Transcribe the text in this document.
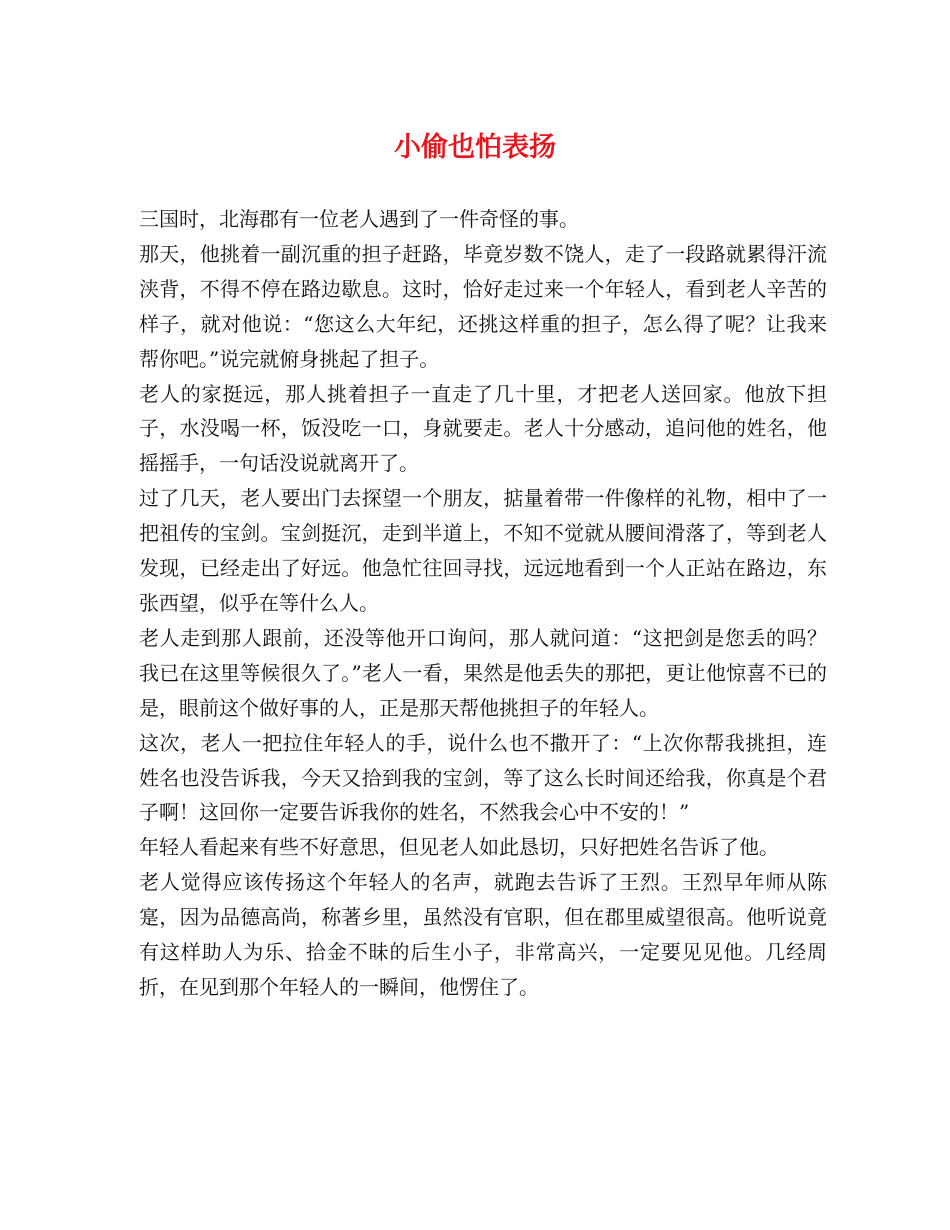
小偷也怕表扬

三国时，北海郡有一位老人遇到了一件奇怪的事。

那天，他挑着一副沉重的担子赶路，毕竟岁数不饶人，走了一段路就累得汗流浃背，不得不停在路边歇息。这时，恰好走过来一个年轻人，看到老人辛苦的样子，就对他说：“您这么大年纪，还挑这样重的担子，怎么得了呢？让我来帮你吧。”说完就俯身挑起了担子。

老人的家挺远，那人挑着担子一直走了几十里，才把老人送回家。他放下担子，水没喝一杯，饭没吃一口，身就要走。老人十分感动，追问他的姓名，他摇摇手，一句话没说就离开了。

过了几天，老人要出门去探望一个朋友，掂量着带一件像样的礼物，相中了一把祖传的宝剑。宝剑挺沉，走到半道上，不知不觉就从腰间滑落了，等到老人发现，已经走出了好远。他急忙往回寻找，远远地看到一个人正站在路边，东张西望，似乎在等什么人。

老人走到那人跟前，还没等他开口询问，那人就问道：“这把剑是您丢的吗？我已在这里等候很久了。”老人一看，果然是他丢失的那把，更让他惊喜不已的是，眼前这个做好事的人，正是那天帮他挑担子的年轻人。

这次，老人一把拉住年轻人的手，说什么也不撒开了：“上次你帮我挑担，连姓名也没告诉我，今天又拾到我的宝剑，等了这么长时间还给我，你真是个君子啊！这回你一定要告诉我你的姓名，不然我会心中不安的！”

年轻人看起来有些不好意思，但见老人如此恳切，只好把姓名告诉了他。

老人觉得应该传扬这个年轻人的名声，就跑去告诉了王烈。王烈早年师从陈寔，因为品德高尚，称著乡里，虽然没有官职，但在郡里威望很高。他听说竟有这样助人为乐、拾金不昧的后生小子，非常高兴，一定要见见他。几经周折，在见到那个年轻人的一瞬间，他愣住了。
